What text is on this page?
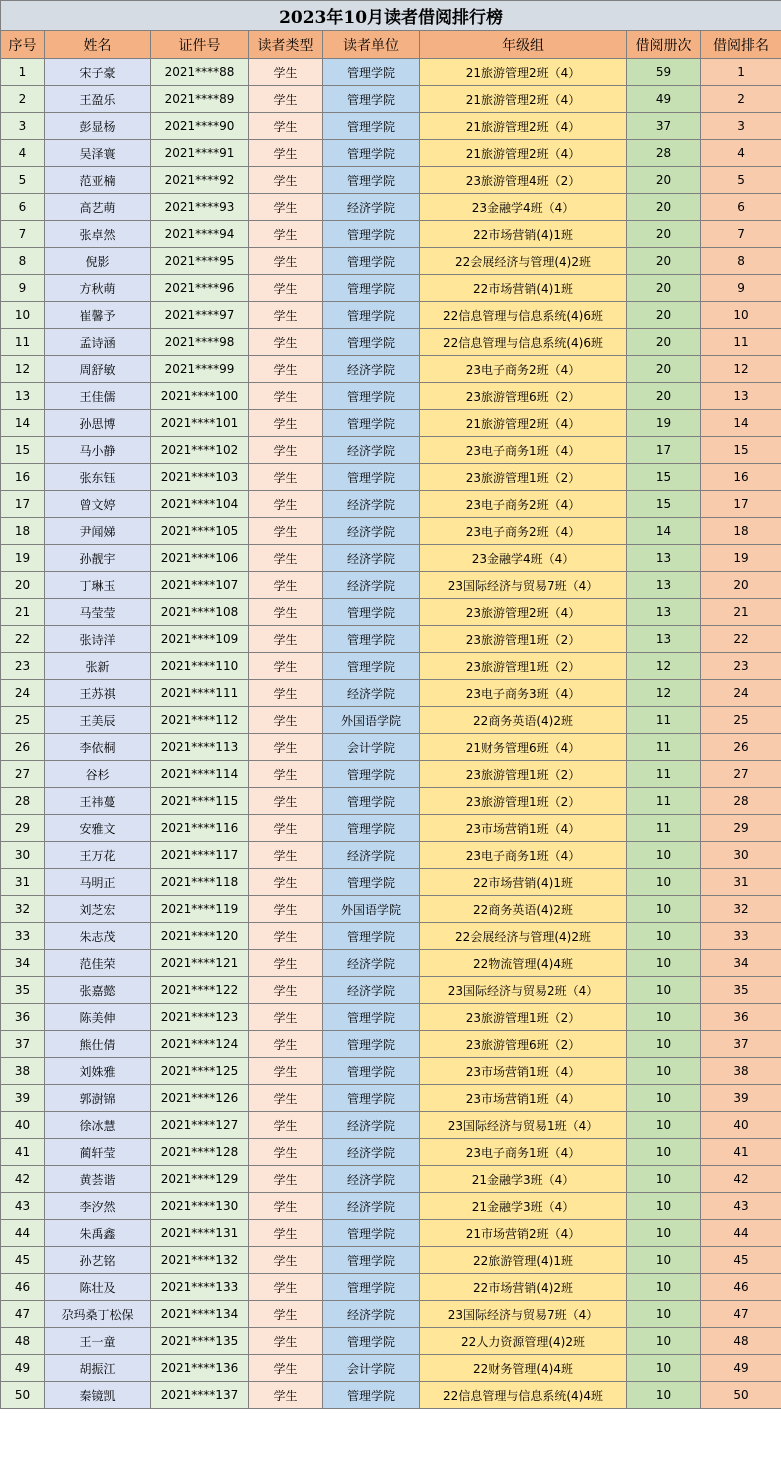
2023年10月读者借阅排行榜							
序号	姓名	证件号	读者类型	读者单位	年级组	借阅册次	借阅排名
1	宋子豪	2021****88	学生	管理学院	21旅游管理2班（4）	59	1
2	王盈乐	2021****89	学生	管理学院	21旅游管理2班（4）	49	2
3	彭显杨	2021****90	学生	管理学院	21旅游管理2班（4）	37	3
4	吴泽寰	2021****91	学生	管理学院	21旅游管理2班（4）	28	4
5	范亚楠	2021****92	学生	管理学院	23旅游管理4班（2）	20	5
6	高艺萌	2021****93	学生	经济学院	23金融学4班（4）	20	6
7	张卓然	2021****94	学生	管理学院	22市场营销(4)1班	20	7
8	倪影	2021****95	学生	管理学院	22会展经济与管理(4)2班	20	8
9	方秋萌	2021****96	学生	管理学院	22市场营销(4)1班	20	9
10	崔馨予	2021****97	学生	管理学院	22信息管理与信息系统(4)6班	20	10
11	孟诗涵	2021****98	学生	管理学院	22信息管理与信息系统(4)6班	20	11
12	周舒敏	2021****99	学生	经济学院	23电子商务2班（4）	20	12
13	王佳儒	2021****100	学生	管理学院	23旅游管理6班（2）	20	13
14	孙思博	2021****101	学生	管理学院	21旅游管理2班（4）	19	14
15	马小静	2021****102	学生	经济学院	23电子商务1班（4）	17	15
16	张东钰	2021****103	学生	管理学院	23旅游管理1班（2）	15	16
17	曾文婷	2021****104	学生	经济学院	23电子商务2班（4）	15	17
18	尹闻娣	2021****105	学生	经济学院	23电子商务2班（4）	14	18
19	孙靓宇	2021****106	学生	经济学院	23金融学4班（4）	13	19
20	丁琳玉	2021****107	学生	经济学院	23国际经济与贸易7班（4）	13	20
21	马莹莹	2021****108	学生	管理学院	23旅游管理2班（4）	13	21
22	张诗洋	2021****109	学生	管理学院	23旅游管理1班（2）	13	22
23	张新	2021****110	学生	管理学院	23旅游管理1班（2）	12	23
24	王苏祺	2021****111	学生	经济学院	23电子商务3班（4）	12	24
25	王美辰	2021****112	学生	外国语学院	22商务英语(4)2班	11	25
26	李依桐	2021****113	学生	会计学院	21财务管理6班（4）	11	26
27	谷杉	2021****114	学生	管理学院	23旅游管理1班（2）	11	27
28	王祎蔓	2021****115	学生	管理学院	23旅游管理1班（2）	11	28
29	安雅文	2021****116	学生	管理学院	23市场营销1班（4）	11	29
30	王万花	2021****117	学生	经济学院	23电子商务1班（4）	10	30
31	马明正	2021****118	学生	管理学院	22市场营销(4)1班	10	31
32	刘芝宏	2021****119	学生	外国语学院	22商务英语(4)2班	10	32
33	朱志茂	2021****120	学生	管理学院	22会展经济与管理(4)2班	10	33
34	范佳荣	2021****121	学生	经济学院	22物流管理(4)4班	10	34
35	张嘉懿	2021****122	学生	经济学院	23国际经济与贸易2班（4）	10	35
36	陈美伸	2021****123	学生	管理学院	23旅游管理1班（2）	10	36
37	熊仕倩	2021****124	学生	管理学院	23旅游管理6班（2）	10	37
38	刘姝雅	2021****125	学生	管理学院	23市场营销1班（4）	10	38
39	郭澍锦	2021****126	学生	管理学院	23市场营销1班（4）	10	39
40	徐冰慧	2021****127	学生	经济学院	23国际经济与贸易1班（4）	10	40
41	蔺轩莹	2021****128	学生	经济学院	23电子商务1班（4）	10	41
42	黄荟谐	2021****129	学生	经济学院	21金融学3班（4）	10	42
43	李汐然	2021****130	学生	经济学院	21金融学3班（4）	10	43
44	朱禹鑫	2021****131	学生	管理学院	21市场营销2班（4）	10	44
45	孙艺铭	2021****132	学生	管理学院	22旅游管理(4)1班	10	45
46	陈壮及	2021****133	学生	管理学院	22市场营销(4)2班	10	46
47	尕玛桑丁松保	2021****134	学生	经济学院	23国际经济与贸易7班（4）	10	47
48	王一童	2021****135	学生	管理学院	22人力资源管理(4)2班	10	48
49	胡振江	2021****136	学生	会计学院	22财务管理(4)4班	10	49
50	秦镜凯	2021****137	学生	管理学院	22信息管理与信息系统(4)4班	10	50
